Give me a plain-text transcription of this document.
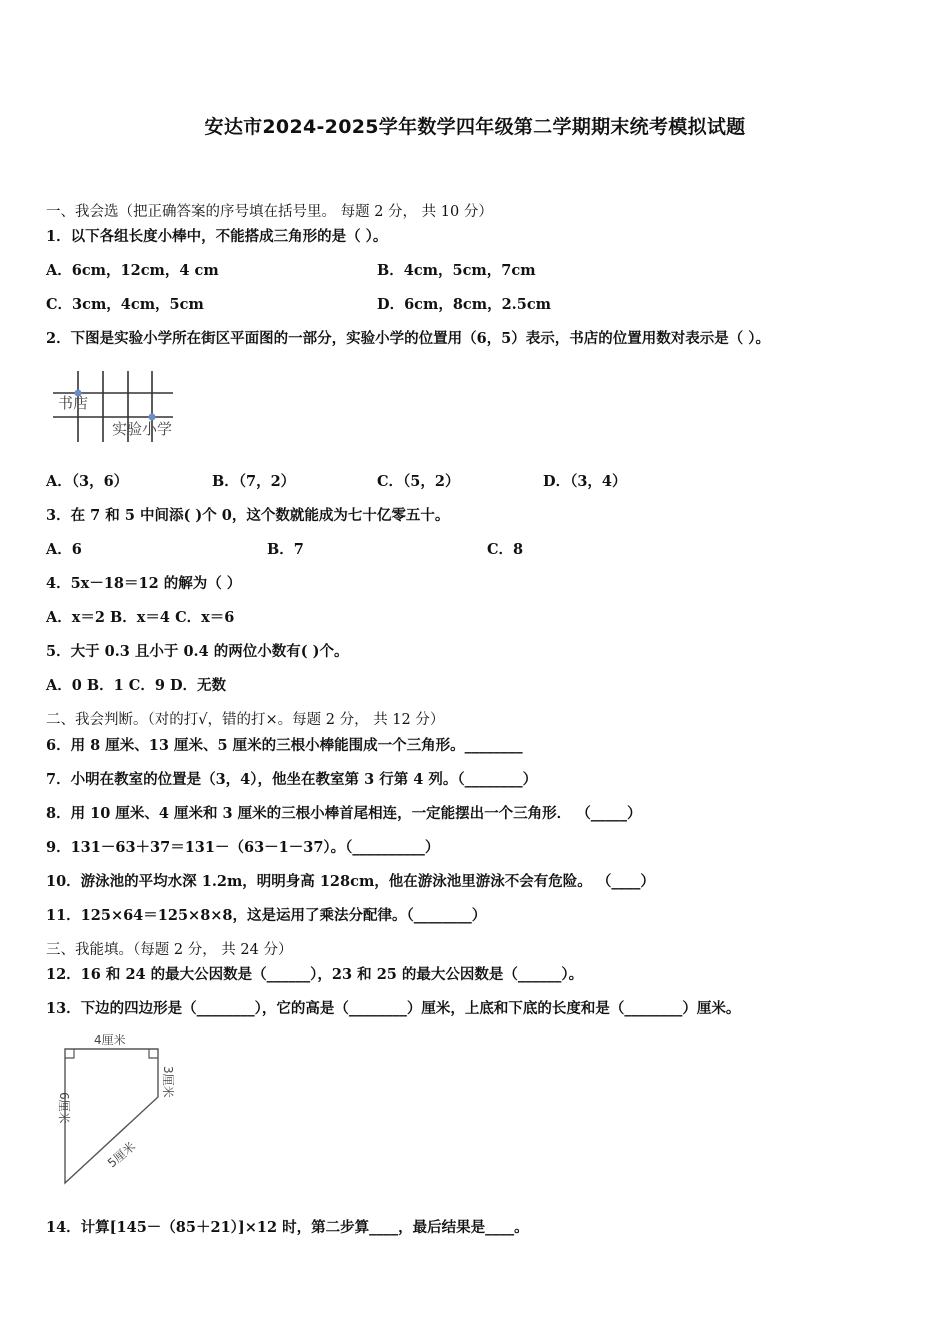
安达市2024-2025学年数学四年级第二学期期末统考模拟试题
一、我会选（把正确答案的序号填在括号里。 每题 2 分， 共 10 分）
1．以下各组长度小棒中，不能搭成三角形的是（ ）。
A．6cm，12cm，4 cm	B．4cm，5cm，7cm
C．3cm，4cm，5cm	D．6cm，8cm，2.5cm
2．下图是实验小学所在街区平面图的一部分，实验小学的位置用（6，5）表示，书店的位置用数对表示是（ ）。
书店
实验小学
A．（3，6）	B．（7，2）	C．（5，2）	D．（3，4）
3．在 7 和 5 中间添( )个 0，这个数就能成为七十亿零五十。
A．6	B．7	C．8
4．5x－18＝12 的解为（ ）
A．x＝2 B．x＝4 C．x＝6
5．大于 0.3 且小于 0.4 的两位小数有( )个。
A．0 B．1 C．9 D．无数
二、我会判断。（对的打√，错的打×。每题 2 分， 共 12 分）
6．用 8 厘米、13 厘米、5 厘米的三根小棒能围成一个三角形。________
7．小明在教室的位置是（3，4），他坐在教室第 3 行第 4 列。（________）
8．用 10 厘米、4 厘米和 3 厘米的三根小棒首尾相连，一定能摆出一个三角形． （_____）
9．131－63＋37＝131－（63－1－37）。（__________）
10．游泳池的平均水深 1.2m，明明身高 128cm，他在游泳池里游泳不会有危险。 （____）
11．125×64＝125×8×8，这是运用了乘法分配律。（________）
三、我能填。（每题 2 分， 共 24 分）
12．16 和 24 的最大公因数是（______），23 和 25 的最大公因数是（______）。
13．下边的四边形是（________），它的高是（________）厘米，上底和下底的长度和是（________）厘米。
4厘米
3厘米
6厘米
5厘米
14．计算[145－（85＋21）]×12 时，第二步算____，最后结果是____。
